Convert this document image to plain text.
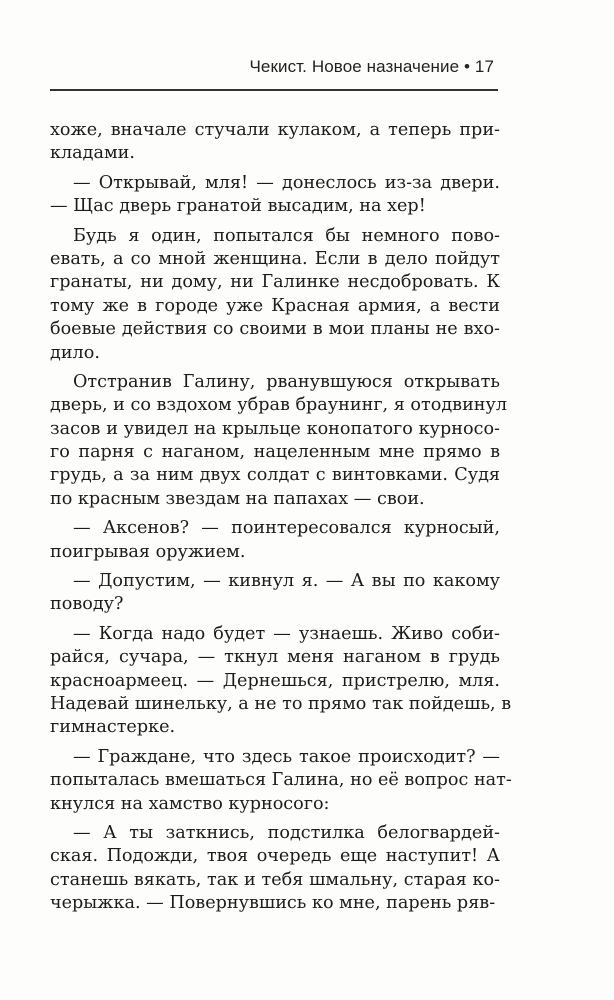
Чекист. Новое назначение • 17
хоже, вначале стучали кулаком, а теперь при-
кладами.
— Открывай, мля! — донеслось из-за двери.
— Щас дверь гранатой высадим, на хер!
Будь я один, попытался бы немного пово-
евать, а со мной женщина. Если в дело пойдут
гранаты, ни дому, ни Галинке несдобровать. К
тому же в городе уже Красная армия, а вести
боевые действия со своими в мои планы не вхо-
дило.
Отстранив Галину, рванувшуюся открывать
дверь, и со вздохом убрав браунинг, я отодвинул
засов и увидел на крыльце конопатого курносо-
го парня с наганом, нацеленным мне прямо в
грудь, а за ним двух солдат с винтовками. Судя
по красным звездам на папахах — свои.
— Аксенов? — поинтересовался курносый,
поигрывая оружием.
— Допустим, — кивнул я. — А вы по какому
поводу?
— Когда надо будет — узнаешь. Живо соби-
райся, сучара, — ткнул меня наганом в грудь
красноармеец. — Дернешься, пристрелю, мля.
Надевай шинельку, а не то прямо так пойдешь, в
гимнастерке.
— Граждане, что здесь такое происходит? —
попыталась вмешаться Галина, но её вопрос нат-
кнулся на хамство курносого:
— А ты заткнись, подстилка белогвардей-
ская. Подожди, твоя очередь еще наступит! А
станешь вякать, так и тебя шмальну, старая ко-
черыжка. — Повернувшись ко мне, парень ряв-
